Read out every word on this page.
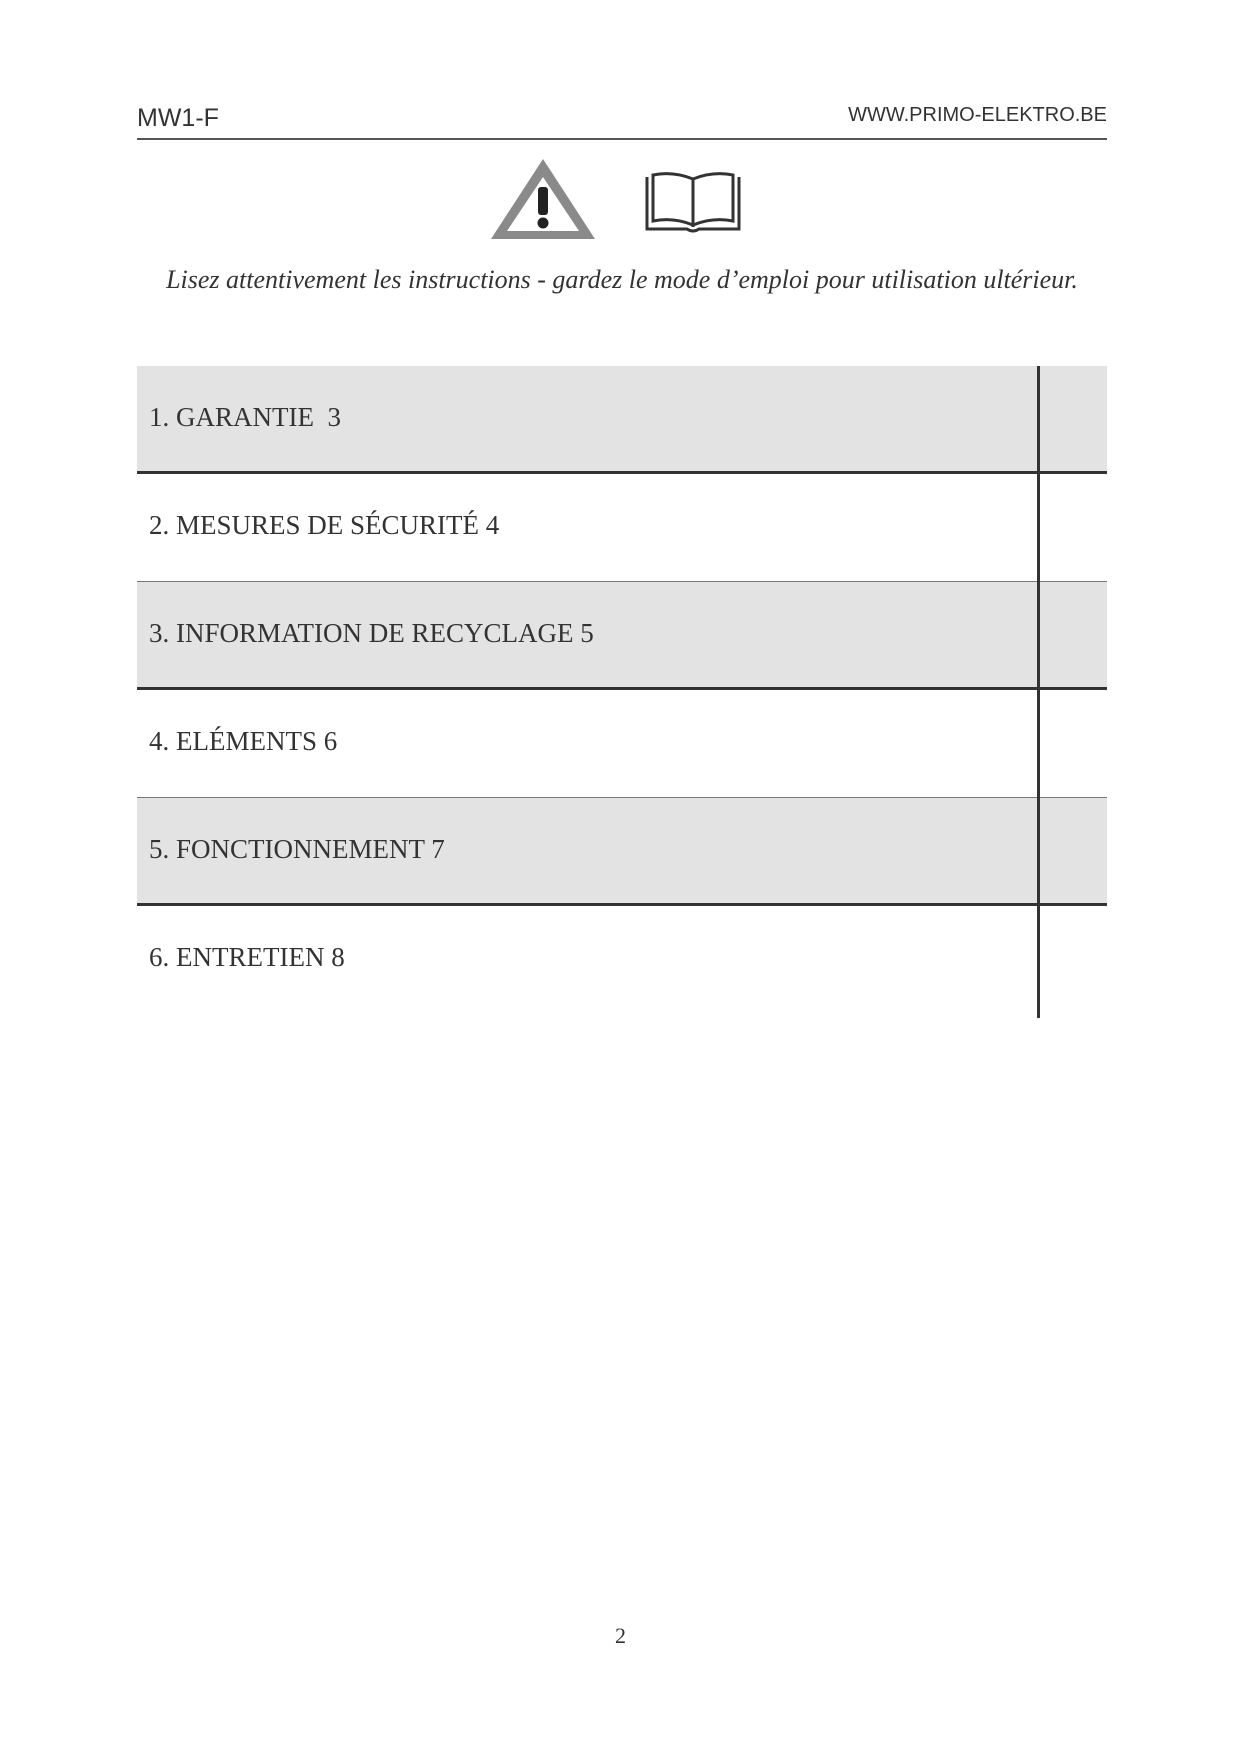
MW1-F	WWW.PRIMO-ELEKTRO.BE
Lisez attentivement les instructions - gardez le mode d’emploi pour utilisation ultérieur.
1. GARANTIE  3
2. MESURES DE SÉCURITÉ 4
3. INFORMATION DE RECYCLAGE 5
4. ELÉMENTS 6
5. FONCTIONNEMENT 7
6. ENTRETIEN 8
2
